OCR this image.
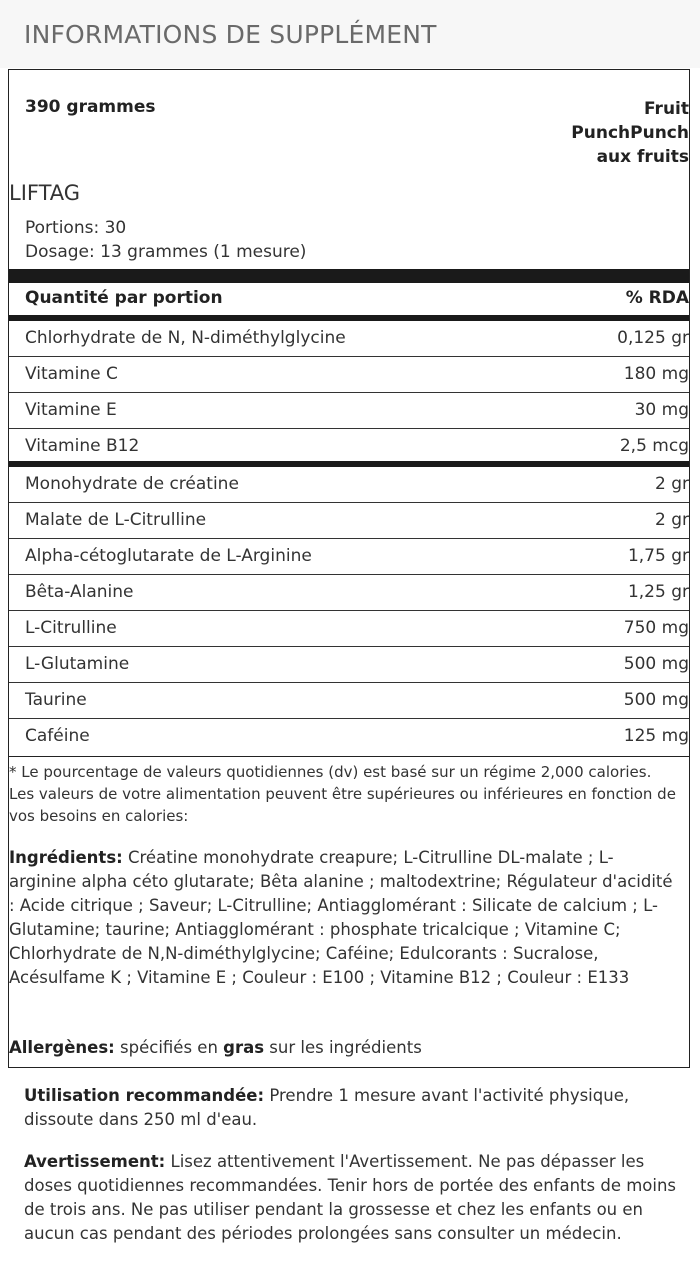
INFORMATIONS DE SUPPLÉMENT
390 grammes	Fruit
PunchPunch
aux fruits
LIFTAG
Portions: 30
Dosage: 13 grammes (1 mesure)
Quantité par portion	% RDA
Chlorhydrate de N, N-diméthylglycine	0,125 gr
Vitamine C	180 mg
Vitamine E	30 mg
Vitamine B12	2,5 mcg
Monohydrate de créatine	2 gr
Malate de L-Citrulline	2 gr
Alpha-cétoglutarate de L-Arginine	1,75 gr
Bêta-Alanine	1,25 gr
L-Citrulline	750 mg
L-Glutamine	500 mg
Taurine	500 mg
Caféine	125 mg
* Le pourcentage de valeurs quotidiennes (dv) est basé sur un régime 2,000 calories. Les valeurs de votre alimentation peuvent être supérieures ou inférieures en fonction de vos besoins en calories:
Ingrédients: Créatine monohydrate creapure; L-Citrulline DL-malate ; L-arginine alpha céto glutarate; Bêta alanine ; maltodextrine; Régulateur d'acidité : Acide citrique ; Saveur; L-Citrulline; Antiagglomérant : Silicate de calcium ; L-Glutamine; taurine; Antiagglomérant : phosphate tricalcique ; Vitamine C; Chlorhydrate de N,N-diméthylglycine; Caféine; Edulcorants : Sucralose, Acésulfame K ; Vitamine E ; Couleur : E100 ; Vitamine B12 ; Couleur : E133
Allergènes: spécifiés en gras sur les ingrédients
Utilisation recommandée: Prendre 1 mesure avant l'activité physique, dissoute dans 250 ml d'eau.
Avertissement: Lisez attentivement l'Avertissement. Ne pas dépasser les doses quotidiennes recommandées. Tenir hors de portée des enfants de moins de trois ans. Ne pas utiliser pendant la grossesse et chez les enfants ou en aucun cas pendant des périodes prolongées sans consulter un médecin.
